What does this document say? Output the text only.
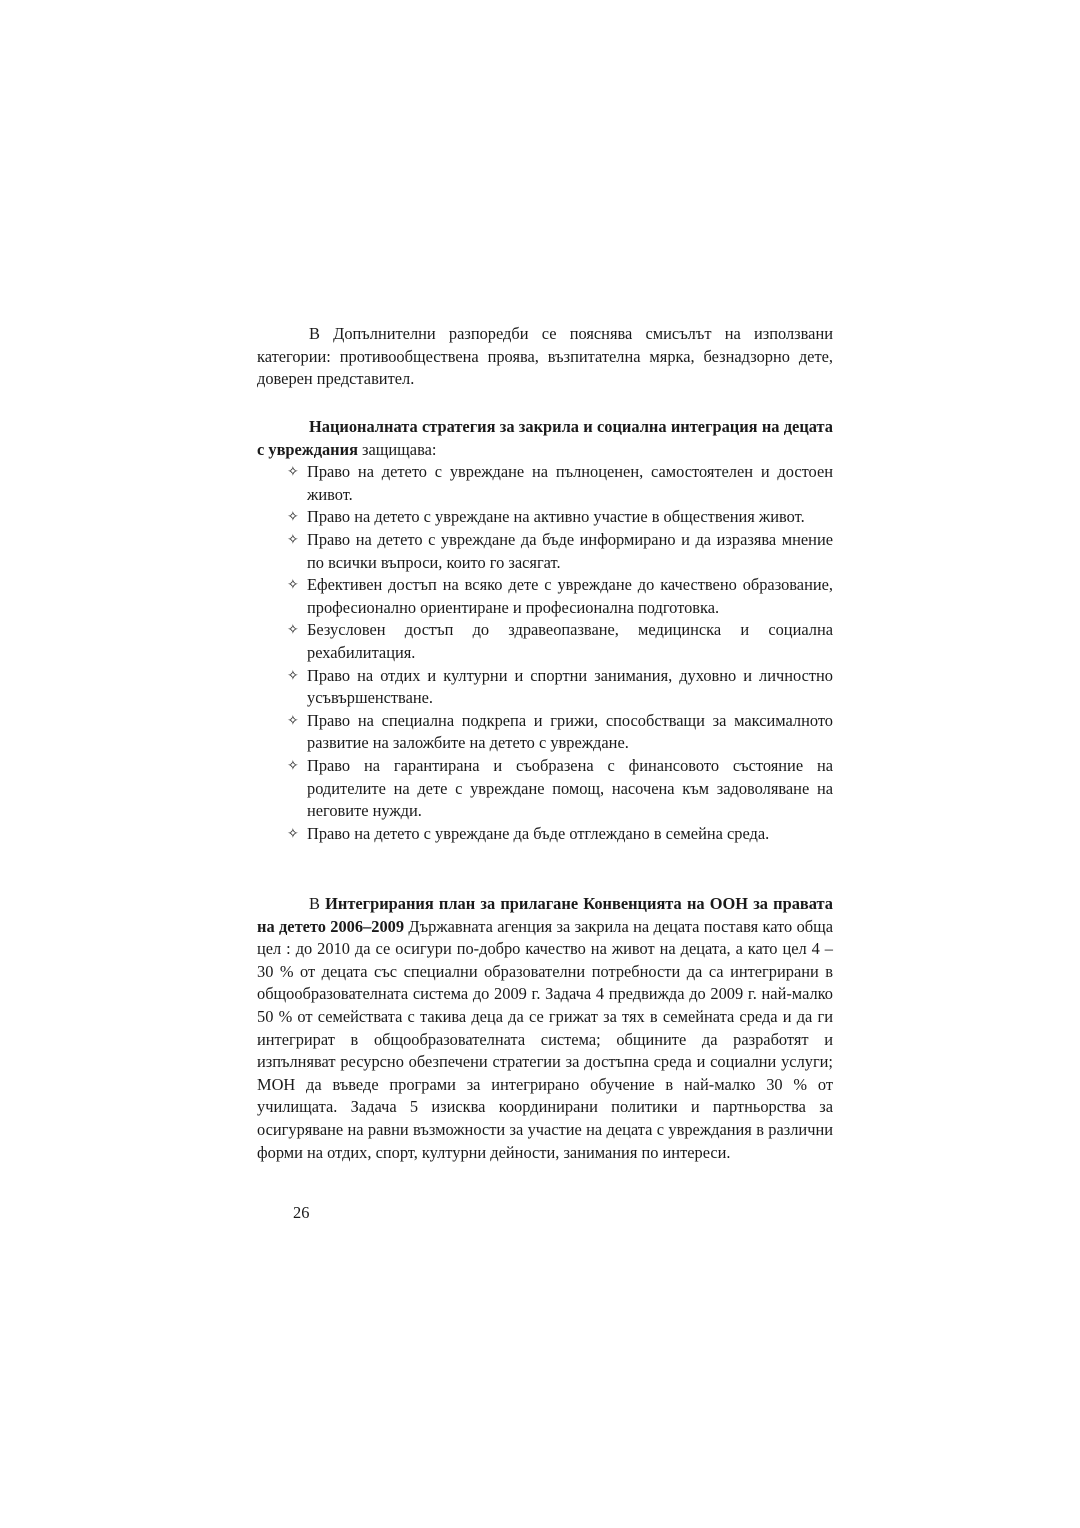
В Допълнителни разпоредби се пояснява смисълът на използвани категории: противообществена проява, възпитателна мярка, безнадзорно дете, доверен представител.

Националната стратегия за закрила и социална интеграция на децата с увреждания защищава:

✧ Право на детето с увреждане на пълноценен, самостоятелен и достоен живот.
✧ Право на детето с увреждане на активно участие в обществения живот.
✧ Право на детето с увреждане да бъде информирано и да изразява мнение по всички въпроси, които го засягат.
✧ Ефективен достъп на всяко дете с увреждане до качествено образование, професионално ориентиране и професионална подготовка.
✧ Безусловен достъп до здравеопазване, медицинска и социална рехабилитация.
✧ Право на отдих и културни и спортни занимания, духовно и личностно усъвършенстване.
✧ Право на специална подкрепа и грижи, способстващи за максималното развитие на заложбите на детето с увреждане.
✧ Право на гарантирана и съобразена с финансовото състояние на родителите на дете с увреждане помощ, насочена към задоволяване на неговите нужди.
✧ Право на детето с увреждане да бъде отглеждано в семейна среда.

В Интегрирания план за прилагане Конвенцията на ООН за правата на детето 2006–2009 Държавната агенция за закрила на децата поставя като обща цел : до 2010 да се осигури по-добро качество на живот на децата, а като цел 4 – 30 % от децата със специални образователни потребности да са интегрирани в общообразователната система до 2009 г. Задача 4 предвижда до 2009 г. най-малко 50 % от семействата с такива деца да се грижат за тях в семейната среда и да ги интегрират в общообразователната система; общините да разработят и изпълняват ресурсно обезпечени стратегии за достъпна среда и социални услуги; МОН да въведе програми за интегрирано обучение в най-малко 30 % от училищата. Задача 5 изисква координирани политики и партньорства за осигуряване на равни възможности за участие на децата с увреждания в различни форми на отдих, спорт, културни дейности, занимания по интереси.

26
